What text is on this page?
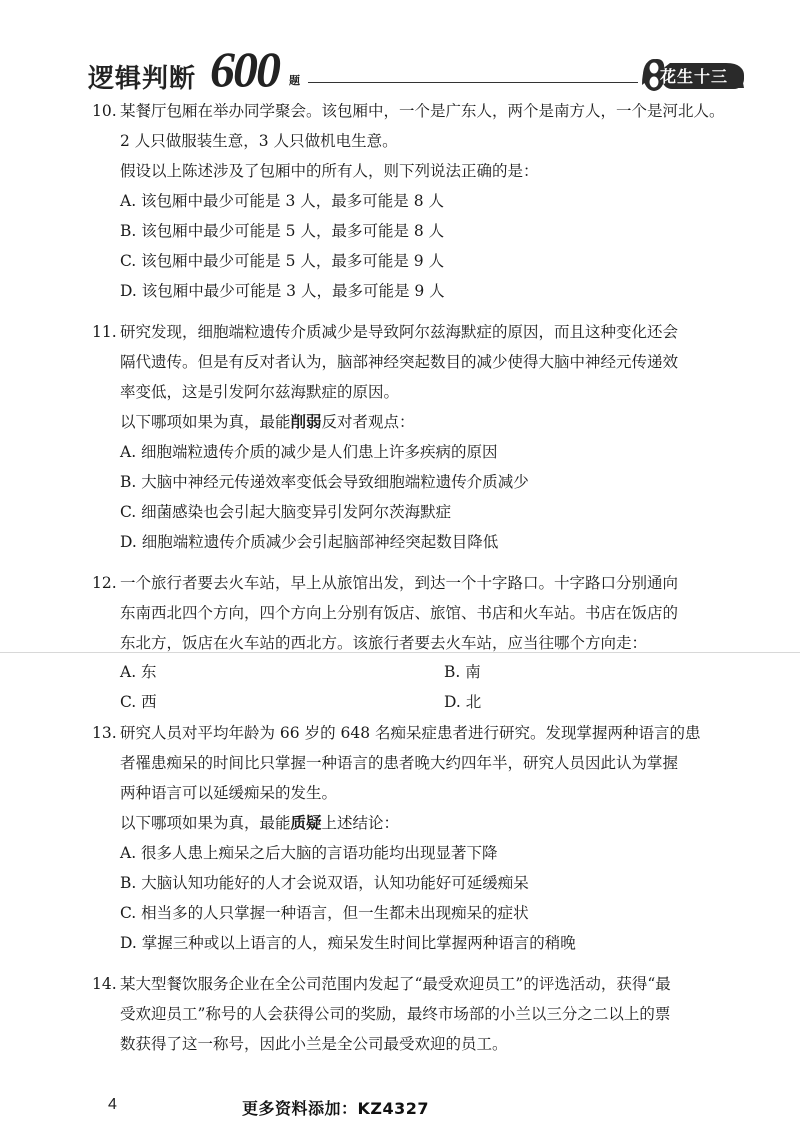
逻辑判断 600 题	花生十三
10. 某餐厅包厢在举办同学聚会。该包厢中，一个是广东人，两个是南方人，一个是河北人。
2 人只做服装生意，3 人只做机电生意。
假设以上陈述涉及了包厢中的所有人，则下列说法正确的是：
A. 该包厢中最少可能是 3 人，最多可能是 8 人
B. 该包厢中最少可能是 5 人，最多可能是 8 人
C. 该包厢中最少可能是 5 人，最多可能是 9 人
D. 该包厢中最少可能是 3 人，最多可能是 9 人
11. 研究发现，细胞端粒遗传介质减少是导致阿尔兹海默症的原因，而且这种变化还会
隔代遗传。但是有反对者认为，脑部神经突起数目的减少使得大脑中神经元传递效
率变低，这是引发阿尔兹海默症的原因。
以下哪项如果为真，最能削弱反对者观点：
A. 细胞端粒遗传介质的减少是人们患上许多疾病的原因
B. 大脑中神经元传递效率变低会导致细胞端粒遗传介质减少
C. 细菌感染也会引起大脑变异引发阿尔茨海默症
D. 细胞端粒遗传介质减少会引起脑部神经突起数目降低
12. 一个旅行者要去火车站，早上从旅馆出发，到达一个十字路口。十字路口分别通向
东南西北四个方向，四个方向上分别有饭店、旅馆、书店和火车站。书店在饭店的
东北方，饭店在火车站的西北方。该旅行者要去火车站，应当往哪个方向走：
A. 东	B. 南
C. 西	D. 北
13. 研究人员对平均年龄为 66 岁的 648 名痴呆症患者进行研究。发现掌握两种语言的患
者罹患痴呆的时间比只掌握一种语言的患者晚大约四年半，研究人员因此认为掌握
两种语言可以延缓痴呆的发生。
以下哪项如果为真，最能质疑上述结论：
A. 很多人患上痴呆之后大脑的言语功能均出现显著下降
B. 大脑认知功能好的人才会说双语，认知功能好可延缓痴呆
C. 相当多的人只掌握一种语言，但一生都未出现痴呆的症状
D. 掌握三种或以上语言的人，痴呆发生时间比掌握两种语言的稍晚
14. 某大型餐饮服务企业在全公司范围内发起了“最受欢迎员工”的评选活动，获得“最
受欢迎员工”称号的人会获得公司的奖励，最终市场部的小兰以三分之二以上的票
数获得了这一称号，因此小兰是全公司最受欢迎的员工。
4	更多资料添加：KZ4327
